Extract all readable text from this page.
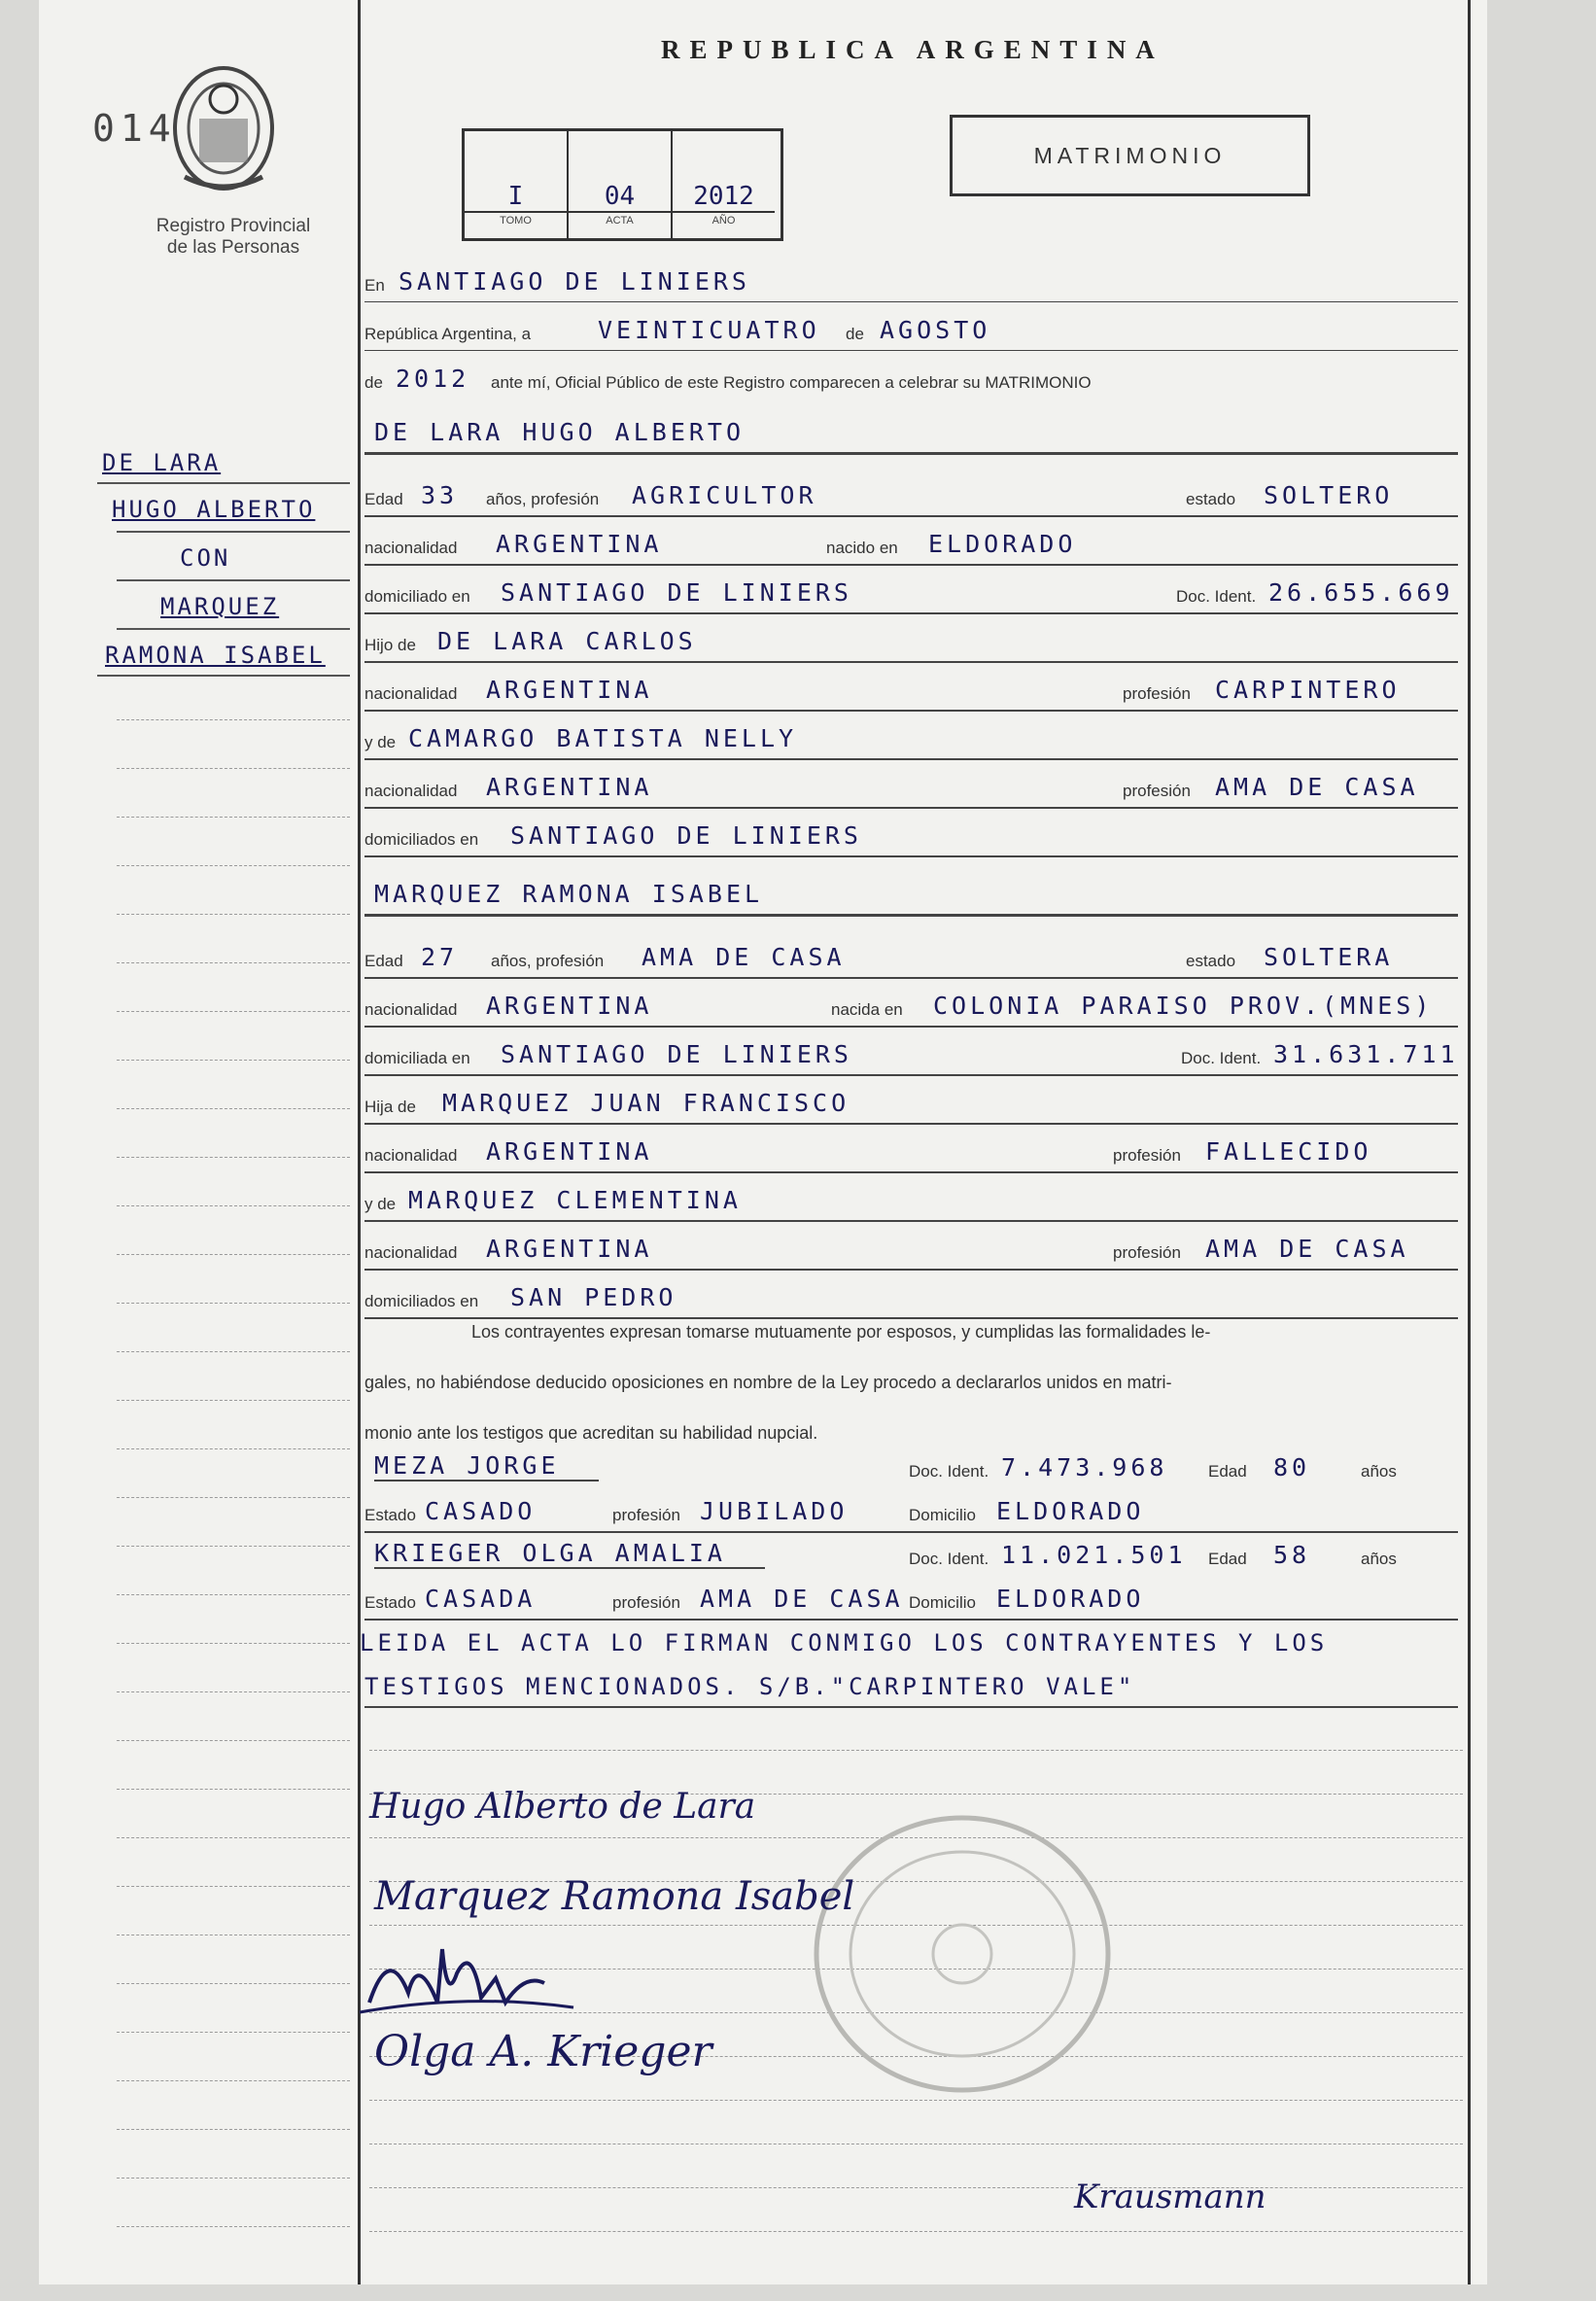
014
Registro Provincial
de las Personas
REPUBLICA ARGENTINA
I
TOMO
04
ACTA
2012
AÑO
MATRIMONIO
DE LARA
HUGO ALBERTO
CON
MARQUEZ
RAMONA ISABEL
En SANTIAGO DE LINIERS
República Argentina, a	VEINTICUATRO de AGOSTO
de 2012 ante mí, Oficial Público de este Registro comparecen a celebrar su MATRIMONIO
DE LARA HUGO ALBERTO
Edad 33 años, profesión AGRICULTOR	estado SOLTERO
nacionalidad ARGENTINA	nacido en ELDORADO
domiciliado en SANTIAGO DE LINIERS	Doc. Ident. 26.655.669
Hijo de DE LARA CARLOS
nacionalidad ARGENTINA	profesión CARPINTERO
y de CAMARGO BATISTA NELLY
nacionalidad ARGENTINA	profesión AMA DE CASA
domiciliados en SANTIAGO DE LINIERS
MARQUEZ RAMONA ISABEL
Edad 27 años, profesión AMA DE CASA	estado SOLTERA
nacionalidad ARGENTINA	nacida en COLONIA PARAISO PROV.(MNES)
domiciliada en SANTIAGO DE LINIERS	Doc. Ident. 31.631.711
Hija de MARQUEZ JUAN FRANCISCO
nacionalidad ARGENTINA	profesión FALLECIDO
y de MARQUEZ CLEMENTINA
nacionalidad ARGENTINA	profesión AMA DE CASA
domiciliados en SAN PEDRO
Los contrayentes expresan tomarse mutuamente por esposos, y cumplidas las formalidades le-
gales, no habiéndose deducido oposiciones en nombre de la Ley procedo a declararlos unidos en matri-
monio ante los testigos que acreditan su habilidad nupcial.
MEZA JORGE	Doc. Ident. 7.473.968 Edad 80	años
Estado CASADO	profesión JUBILADO	Domicilio ELDORADO
KRIEGER OLGA AMALIA	Doc. Ident. 11.021.501 Edad 58	años
Estado CASADA	profesión AMA DE CASA Domicilio ELDORADO
LEIDA EL ACTA LO FIRMAN CONMIGO LOS CONTRAYENTES Y LOS
TESTIGOS MENCIONADOS. S/B."CARPINTERO VALE"
Hugo Alberto de Lara
Marquez Ramona Isabel
Olga A. Krieger
Krausmann
